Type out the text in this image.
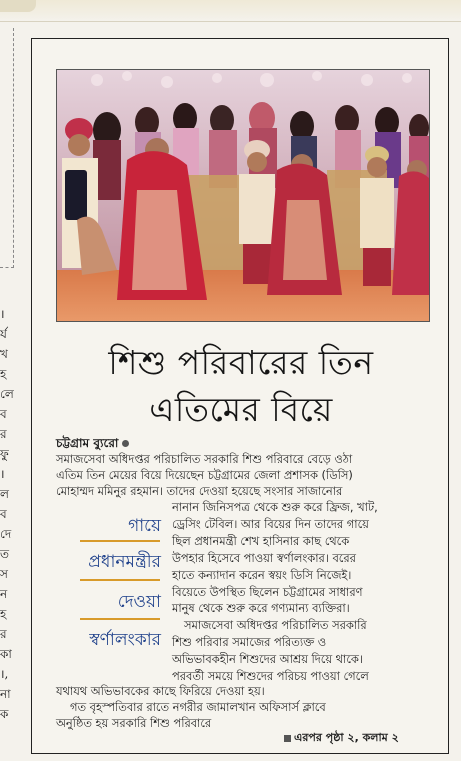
।
র্য
খ
হ
লে
ব
র
ফু
।
ল
ব
দে
ত
স
ন
হ
র
কা
।,
না
ক
শিশু পরিবারের তিন
এতিমের বিয়ে
চট্টগ্রাম ব্যুরো
সমাজসেবা অধিদপ্তর পরিচালিত সরকারি শিশু পরিবারে বেড়ে ওঠা
এতিম তিন মেয়ের বিয়ে দিয়েছেন চট্টগ্রামের জেলা প্রশাসক (ডিসি)
মোহাম্মদ মমিনুর রহমান। তাদের দেওয়া হয়েছে সংসার সাজানোর
নানান জিনিসপত্র থেকে শুরু করে ফ্রিজ, খাট,
ড্রেসিং টেবিল। আর বিয়ের দিন তাদের গায়ে
ছিল প্রধানমন্ত্রী শেখ হাসিনার কাছ থেকে
উপহার হিসেবে পাওয়া স্বর্ণালংকার। বরের
হাতে কন্যাদান করেন স্বয়ং ডিসি নিজেই।
বিয়েতে উপস্থিত ছিলেন চট্টগ্রামের সাধারণ
মানুষ থেকে শুরু করে গণ্যমান্য ব্যক্তিরা।
সমাজসেবা অধিদপ্তর পরিচালিত সরকারি
শিশু পরিবার সমাজের পরিত্যক্ত ও
অভিভাবকহীন শিশুদের আশ্রয় দিয়ে থাকে।
পরবর্তী সময়ে শিশুদের পরিচয় পাওয়া গেলে
যথাযথ অভিভাবকের কাছে ফিরিয়ে দেওয়া হয়।
গত বৃহস্পতিবার রাতে নগরীর জামালখান অফিসার্স ক্লাবে
অনুষ্ঠিত হয় সরকারি শিশু পরিবারে
গায়ে
প্রধানমন্ত্রীর
দেওয়া
স্বর্ণালংকার
এরপর পৃষ্ঠা ২, কলাম ২
